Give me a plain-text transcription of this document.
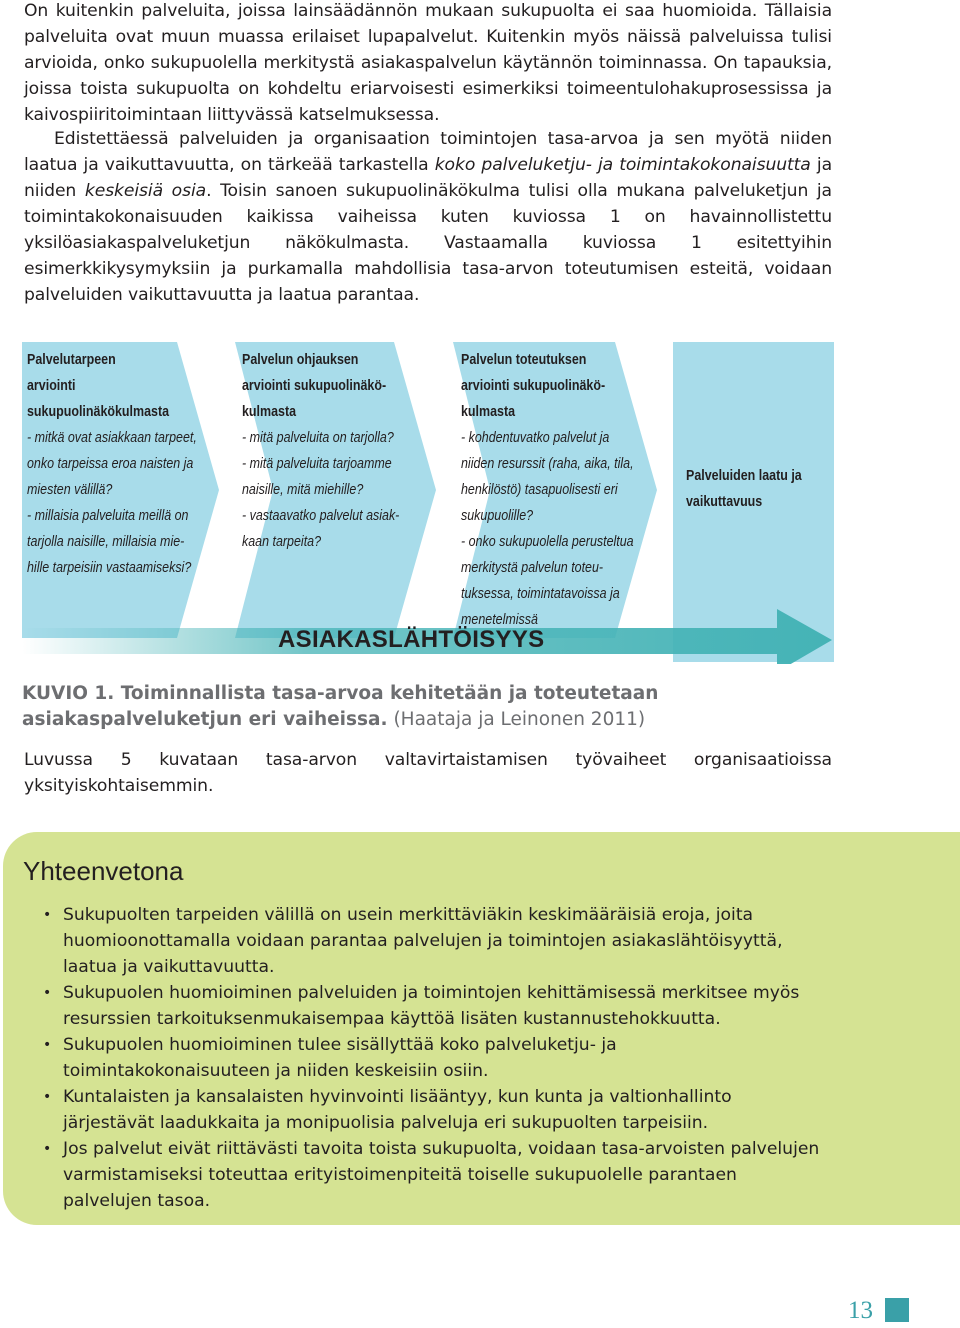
On kuitenkin palveluita, joissa lainsäädännön mukaan sukupuolta ei saa huomioida. Tällaisia palveluita ovat muun muassa erilaiset lupapalvelut. Kuitenkin myös näissä palveluissa tulisi arvioida, onko sukupuolella merkitystä asiakaspalvelun käytännön toiminnassa. On tapauksia, joissa toista sukupuolta on kohdeltu eriarvoisesti esimerkiksi toimeentulohakuprosessissa ja kaivospiiritoimintaan liittyvässä katselmuksessa.

Edistettäessä palveluiden ja organisaation toimintojen tasa-arvoa ja sen myötä niiden laatua ja vaikuttavuutta, on tärkeää tarkastella koko palveluketju- ja toimintakokonaisuutta ja niiden keskeisiä osia. Toisin sanoen sukupuolinäkökulma tulisi olla mukana palveluketjun ja toimintakokonaisuuden kaikissa vaiheissa kuten kuviossa 1 on havainnollistettu yksilöasiakaspalveluketjun näkökulmasta. Vastaamalla kuviossa 1 esitettyihin esimerkkikysymyksiin ja purkamalla mahdollisia tasa-arvon toteutumisen esteitä, voidaan palveluiden vaikuttavuutta ja laatua parantaa.

Palvelutarpeen
arviointi
sukupuolinäkökulmasta
- mitkä ovat asiakkaan tarpeet,
onko tarpeissa eroa naisten ja
miesten välillä?
- millaisia palveluita meillä on
tarjolla naisille, millaisia mie-
hille tarpeisiin vastaamiseksi?
Palvelun ohjauksen
arviointi sukupuolinäkö-
kulmasta
- mitä palveluita on tarjolla?
- mitä palveluita tarjoamme
naisille, mitä miehille?
- vastaavatko palvelut asiak-
kaan tarpeita?
Palvelun toteutuksen
arviointi sukupuolinäkö-
kulmasta
- kohdentuvatko palvelut ja
niiden resurssit (raha, aika, tila,
henkilöstö) tasapuolisesti eri
sukupuolille?
- onko sukupuolella perusteltua
merkitystä palvelun toteu-
tuksessa, toimintatavoissa ja
menetelmissä
Palveluiden laatu ja
vaikuttavuus
ASIAKASLÄHTÖISYYS

KUVIO 1. Toiminnallista tasa-arvoa kehitetään ja toteutetaan asiakaspalveluketjun eri vaiheissa. (Haataja ja Leinonen 2011)

Luvussa 5 kuvataan tasa-arvon valtavirtaistamisen työvaiheet organisaatioissa yksityiskohtaisemmin.

Yhteenvetona
• Sukupuolten tarpeiden välillä on usein merkittäviäkin keskimääräisiä eroja, joita huomioonottamalla voidaan parantaa palvelujen ja toimintojen asiakaslähtöisyyttä, laatua ja vaikuttavuutta.
• Sukupuolen huomioiminen palveluiden ja toimintojen kehittämisessä merkitsee myös resurssien tarkoituksenmukaisempaa käyttöä lisäten kustannustehokkuutta.
• Sukupuolen huomioiminen tulee sisällyttää koko palveluketju- ja toimintakokonaisuuteen ja niiden keskeisiin osiin.
• Kuntalaisten ja kansalaisten hyvinvointi lisääntyy, kun kunta ja valtionhallinto järjestävät laadukkaita ja monipuolisia palveluja eri sukupuolten tarpeisiin.
• Jos palvelut eivät riittävästi tavoita toista sukupuolta, voidaan tasa-arvoisten palvelujen varmistamiseksi toteuttaa erityistoimenpiteitä toiselle sukupuolelle parantaen palvelujen tasoa.
13
